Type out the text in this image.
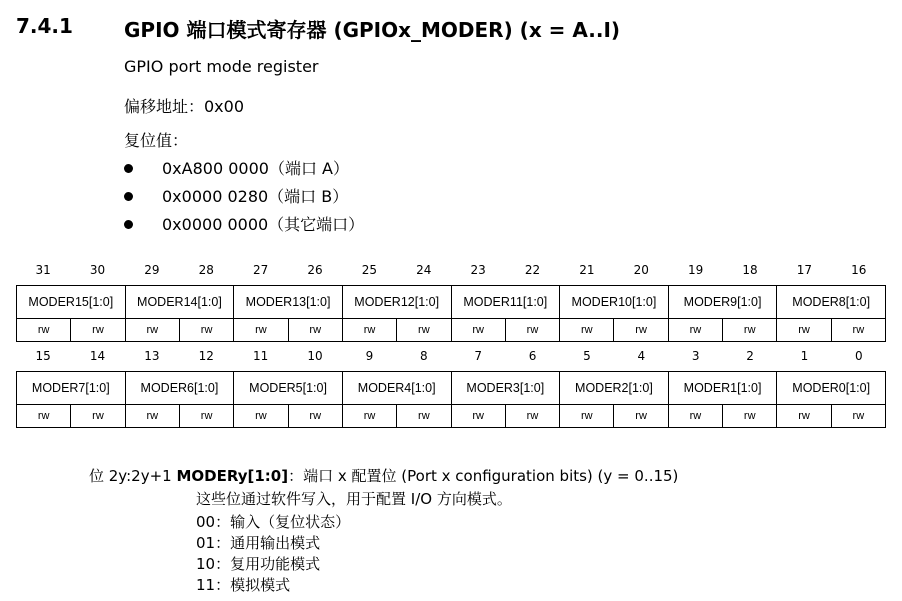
7.4.1	GPIO 端口模式寄存器 (GPIOx_MODER) (x = A..I)
GPIO port mode register
偏移地址：0x00
复位值：
0xA800 0000（端口 A）
0x0000 0280（端口 B）
0x0000 0000（其它端口）
31	30	29	28	27	26	25	24	23	22	21	20	19	18	17	16
MODER15[1:0]		MODER14[1:0]		MODER13[1:0]		MODER12[1:0]		MODER11[1:0]		MODER10[1:0]		MODER9[1:0]		MODER8[1:0]	
rw	rw	rw	rw	rw	rw	rw	rw	rw	rw	rw	rw	rw	rw	rw	rw
15	14	13	12	11	10	9	8	7	6	5	4	3	2	1	0
MODER7[1:0]		MODER6[1:0]		MODER5[1:0]		MODER4[1:0]		MODER3[1:0]		MODER2[1:0]		MODER1[1:0]		MODER0[1:0]	
rw	rw	rw	rw	rw	rw	rw	rw	rw	rw	rw	rw	rw	rw	rw	rw
位 2y:2y+1 MODERy[1:0]：端口 x 配置位 (Port x configuration bits) (y = 0..15)
这些位通过软件写入，用于配置 I/O 方向模式。
00：输入（复位状态）
01：通用输出模式
10：复用功能模式
11：模拟模式
